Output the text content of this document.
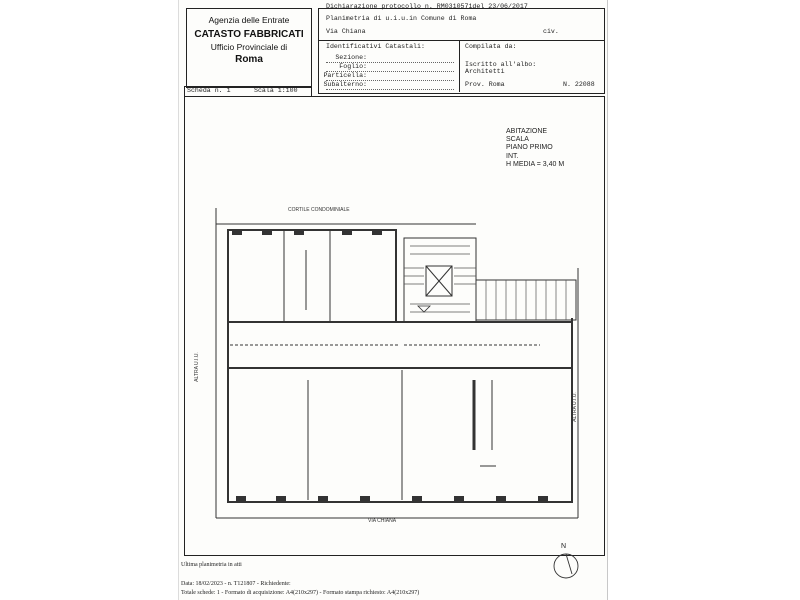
Agenzia delle Entrate
CATASTO FABBRICATI
Ufficio Provinciale di
Roma
Dichiarazione protocollo n. RM0310571del 23/06/2017
Planimetria di u.i.u.in Comune di Roma
Via Chiana	civ.
Identificativi Catastali:
Sezione:
Foglio:
Particella:
Subalterno:
Compilata da:
Iscritto all'albo:
Architetti
Prov. Roma	N. 22088
Scheda n. 1	Scala 1:100
ABITAZIONE
SCALA
PIANO PRIMO
INT.
H MEDIA = 3,40 M
CORTILE CONDOMINIALE
VIA CHIANA
ALTRA U.I.U.
ALTRA U.I.U.
N
Ultima planimetria in atti
Data: 18/02/2023 - n. T121807 - Richiedente:
Totale schede: 1 - Formato di acquisizione: A4(210x297) - Formato stampa richiesto: A4(210x297)
